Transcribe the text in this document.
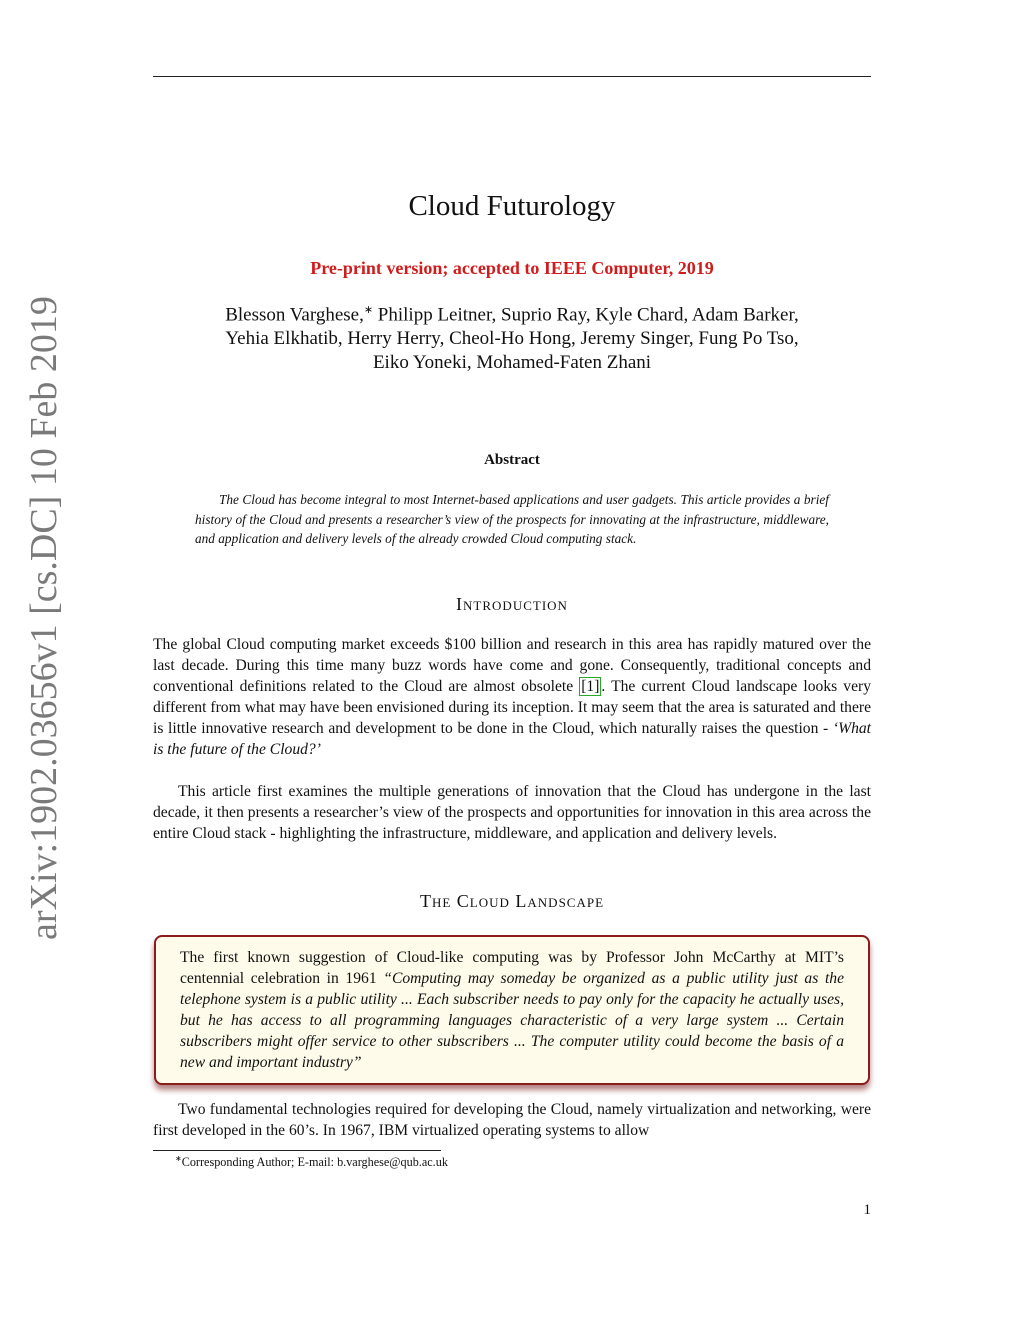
arXiv:1902.03656v1 [cs.DC] 10 Feb 2019
Cloud Futurology
Pre-print version; accepted to IEEE Computer, 2019
Blesson Varghese,∗ Philipp Leitner, Suprio Ray, Kyle Chard, Adam Barker,
Yehia Elkhatib, Herry Herry, Cheol-Ho Hong, Jeremy Singer, Fung Po Tso,
Eiko Yoneki, Mohamed-Faten Zhani
Abstract

The Cloud has become integral to most Internet-based applications and user gadgets. This article provides a brief history of the Cloud and presents a researcher’s view of the prospects for innovating at the infrastructure, middleware, and application and delivery levels of the already crowded Cloud computing stack.

Introduction

The global Cloud computing market exceeds $100 billion and research in this area has rapidly matured over the last decade. During this time many buzz words have come and gone. Consequently, traditional concepts and conventional definitions related to the Cloud are almost obsolete [1] . The current Cloud landscape looks very different from what may have been envisioned during its inception. It may seem that the area is saturated and there is little innovative research and development to be done in the Cloud, which naturally raises the question - ‘What is the future of the Cloud?’

This article first examines the multiple generations of innovation that the Cloud has undergone in the last decade, it then presents a researcher’s view of the prospects and opportunities for innovation in this area across the entire Cloud stack - highlighting the infrastructure, middleware, and application and delivery levels.

The Cloud Landscape

The first known suggestion of Cloud-like computing was by Professor John McCarthy at MIT’s centennial celebration in 1961 “Computing may someday be organized as a public utility just as the telephone system is a public utility ... Each subscriber needs to pay only for the capacity he actually uses, but he has access to all programming languages characteristic of a very large system ... Certain subscribers might offer service to other subscribers ... The computer utility could become the basis of a new and important industry”

Two fundamental technologies required for developing the Cloud, namely virtualization and networking, were first developed in the 60’s. In 1967, IBM virtualized operating systems to allow

∗Corresponding Author; E-mail: b.varghese@qub.ac.uk
1
